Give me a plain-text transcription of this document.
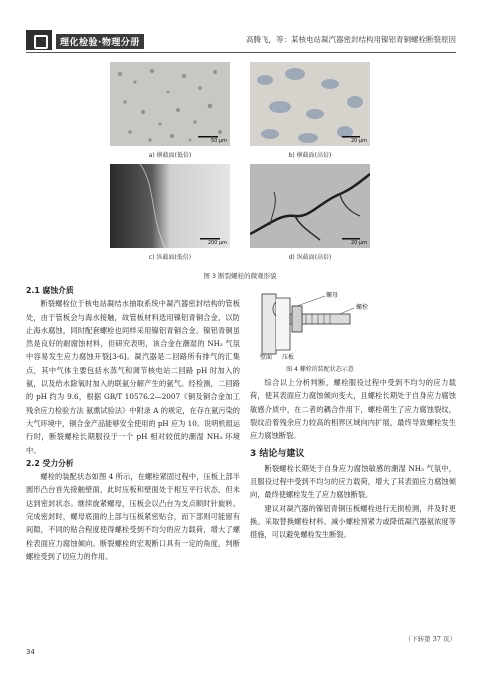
理化检验·物理分册	高腾飞，等：某核电站凝汽器密封结构用镍铝青铜螺栓断裂原因
50 μm	20 μm
a) 横截面(低倍)	b) 横截面(高倍)
200 μm	20 μm
c) 纵截面(低倍)	d) 纵截面(高倍)
图 3 断裂螺栓的微观形貌
2.1 腐蚀介质

断裂螺栓位于核电站凝结水抽取系统中凝汽器密封结构的管板处，由于管板会与海水接触，故管板材料选用镍铝青铜合金，以防止海水腐蚀，同时配套螺栓也同样采用镍铝青铜合金。镍铝青铜虽然是良好的耐腐蚀材料，但研究表明，该合金在潮湿的 NH₃ 气氛中容易发生应力腐蚀开裂[3-6]。凝汽器是二回路所有排气的汇集点，其中气体主要包括水蒸气和调节核电站二回路 pH 时加入的氨，以及给水除氧时加入的联氨分解产生的氨气。经检测，二回路的 pH 约为 9.6，根据 GB/T 10576.2—2007《铜及铜合金加工残余应力检验方法 氨熏试验法》中附录 A 的规定，在存在氨污染的大气环境中，铜合金产品能够安全使用的 pH 应为 10。说明机组运行时，断裂螺栓长期服役于一个 pH 相对较低的潮湿 NH₃ 环境中。

2.2 受力分析

螺栓的装配状态如图 4 所示，在螺栓紧固过程中，压板上部半圆形凸台首先接触壁面，此时压板和壁面处于相互平行状态，但未达到密封状态。继续旋紧螺母，压板会以凸台为支点顺时针旋转。完成密封时，螺母底面的上部与压板紧密贴合，而下部则可能留有间隙，不同的贴合程度使得螺栓受到不均匀的应力载荷，增大了螺栓表面应力腐蚀倾向。断裂螺栓的宏观断口具有一定的角度，判断螺栓受到了切应力的作用。

螺母
螺栓
壁面 压板
图 4 螺栓的装配状态示意

综合以上分析判断，螺栓服役过程中受到不均匀的应力载荷，使其表面应力腐蚀倾向变大，且螺栓长期处于自身应力腐蚀敏感介质中，在二者的耦合作用下，螺栓萌生了应力腐蚀裂纹，裂纹沿着残余应力较高的相界区域向内扩展，最终导致螺栓发生应力腐蚀断裂。

3 结论与建议

断裂螺栓长期处于自身应力腐蚀敏感的潮湿 NH₃ 气氛中，且服役过程中受到不均匀的应力载荷，增大了其表面应力腐蚀倾向，最终使螺栓发生了应力腐蚀断裂。

建议对凝汽器的镍铝青铜压板螺栓进行无损检测，并及时更换。采取替换螺栓材料、减小螺栓预紧力或降低凝汽器氨浓度等措施，可以避免螺栓发生断裂。

（下转第 37 页）
34
